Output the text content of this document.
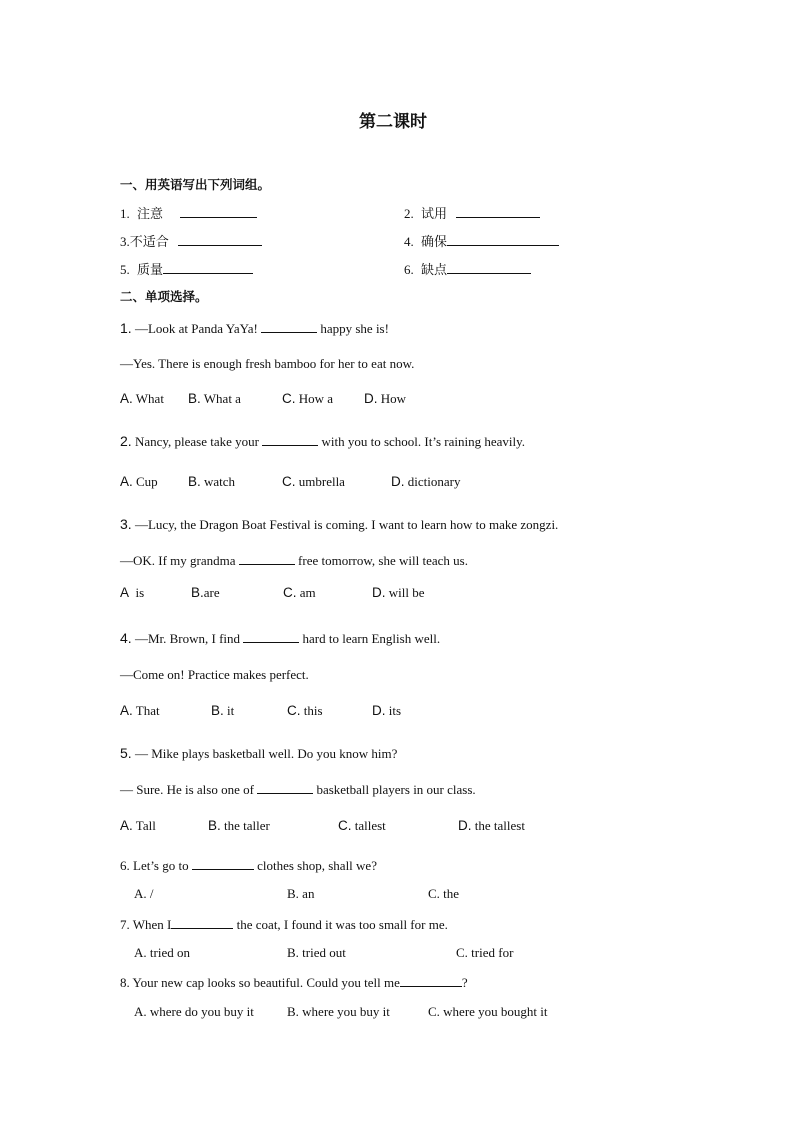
第二课时
一、用英语写出下列词组。
1. 注意	2. 试用
3.不适合	4. 确保
5. 质量	6. 缺点
二、单项选择。
1. —Look at Panda YaYa!	happy she is!
—Yes. There is enough fresh bamboo for her to eat now.
A. What B. What a	C. How a D. How
2. Nancy, please take your	with you to school. It’s raining heavily.
A. Cup B. watch	C. umbrella	D. dictionary
3. —Lucy, the Dragon Boat Festival is coming. I want to learn how to make zongzi.
—OK. If my grandma	free tomorrow, she will teach us.
A is	B.are	C. am	D. will be
4. —Mr. Brown, I find	hard to learn English well.
—Come on! Practice makes perfect.
A. That	B. it	C. this	D. its
5. — Mike plays basketball well. Do you know him?
— Sure. He is also one of	basketball players in our class.
A. Tall	B. the taller	C. tallest	D. the tallest
6. Let’s go to	clothes shop, shall we?
A. /	B. an	C. the
7. When I	the coat, I found it was too small for me.
A. tried on	B. tried out	C. tried for
8. Your new cap looks so beautiful. Could you tell me	?
A. where do you buy it	B. where you buy it	C. where you bought it
